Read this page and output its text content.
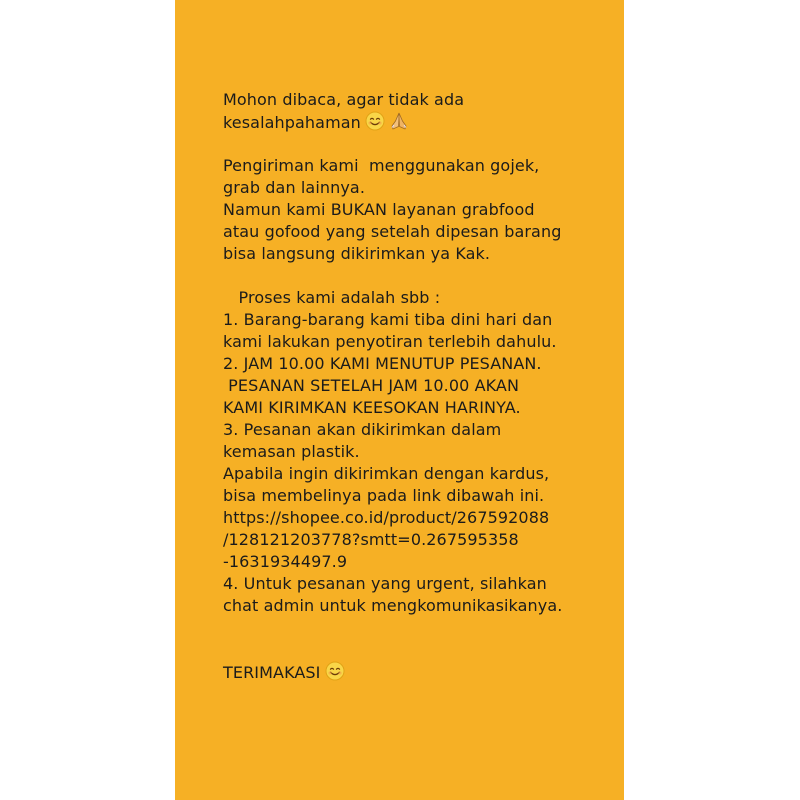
Mohon dibaca, agar tidak ada
kesalahpahaman
Pengiriman kami  menggunakan gojek,
grab dan lainnya.
Namun kami BUKAN layanan grabfood
atau gofood yang setelah dipesan barang
bisa langsung dikirimkan ya Kak.
Proses kami adalah sbb :
1. Barang-barang kami tiba dini hari dan
kami lakukan penyotiran terlebih dahulu.
2. JAM 10.00 KAMI MENUTUP PESANAN.
PESANAN SETELAH JAM 10.00 AKAN
KAMI KIRIMKAN KEESOKAN HARINYA.
3. Pesanan akan dikirimkan dalam
kemasan plastik.
Apabila ingin dikirimkan dengan kardus,
bisa membelinya pada link dibawah ini.
https://shopee.co.id/product/267592088
/128121203778?smtt=0.267595358
-1631934497.9
4. Untuk pesanan yang urgent, silahkan
chat admin untuk mengkomunikasikanya.
TERIMAKASI
